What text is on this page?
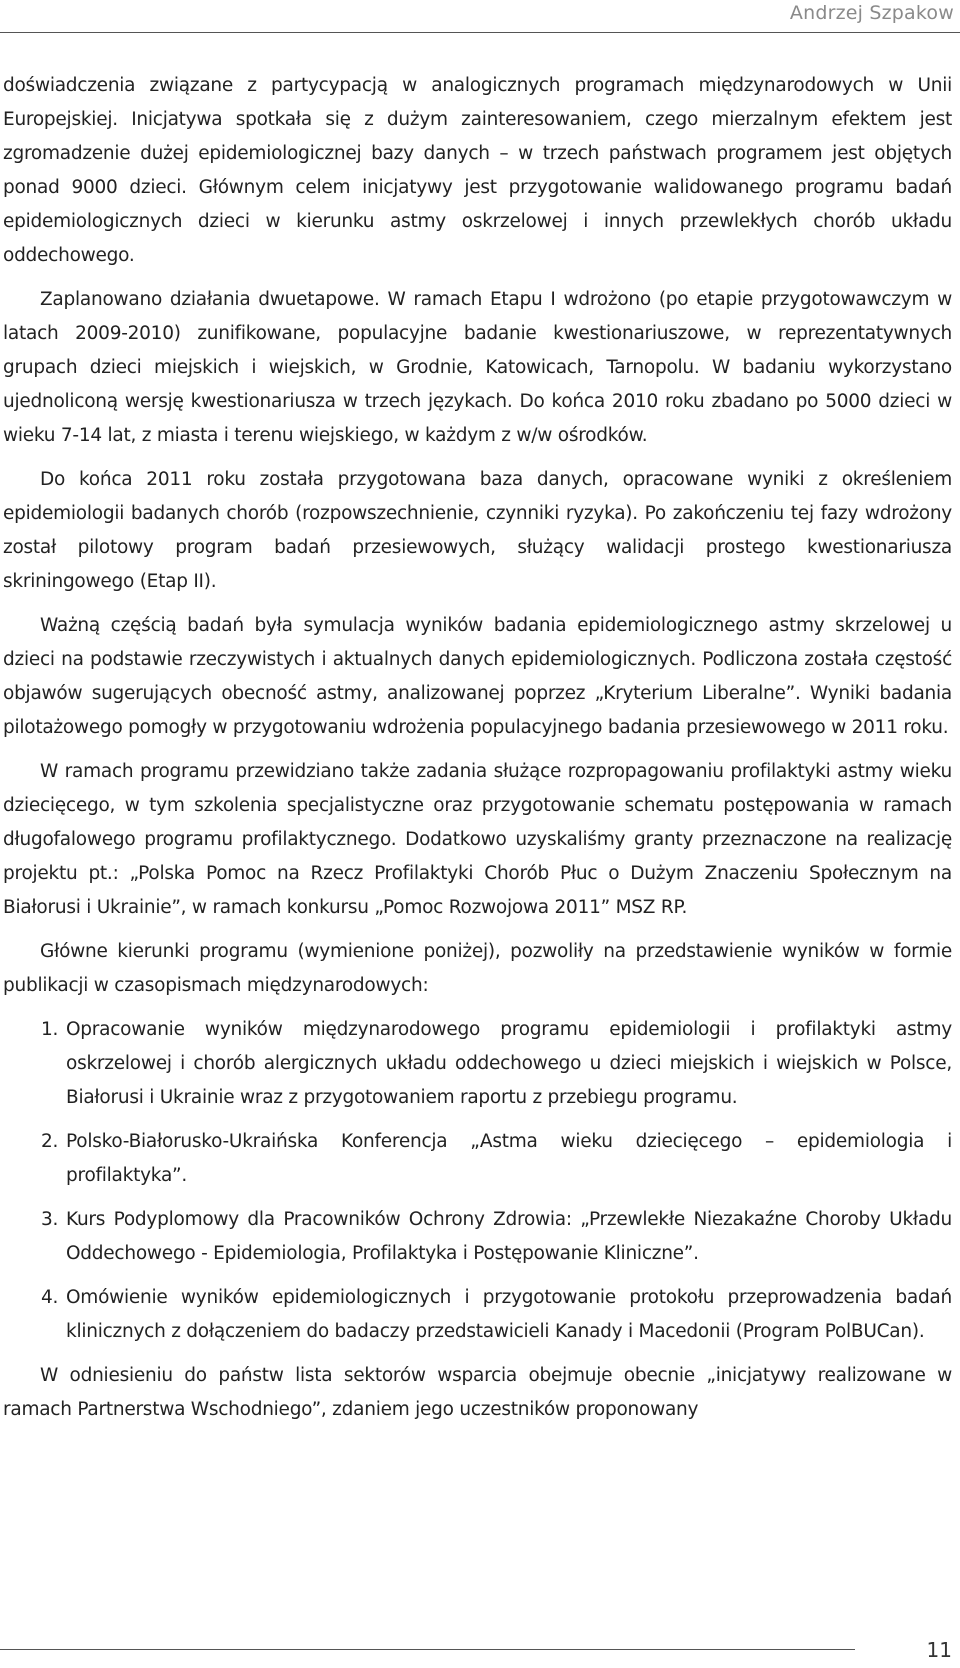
Andrzej Szpakow

doświadczenia związane z partycypacją w analogicznych programach międzynarodowych w Unii Europejskiej. Inicjatywa spotkała się z dużym zainteresowaniem, czego mierzalnym efektem jest zgromadzenie dużej epidemiologicznej bazy danych – w trzech państwach programem jest objętych ponad 9000 dzieci. Głównym celem inicjatywy jest przygotowanie walidowanego programu badań epidemiologicznych dzieci w kierunku astmy oskrzelowej i innych przewlekłych chorób układu oddechowego.

Zaplanowano działania dwuetapowe. W ramach Etapu I wdrożono (po etapie przygotowawczym w latach 2009-2010) zunifikowane, populacyjne badanie kwestionariuszowe, w reprezentatywnych grupach dzieci miejskich i wiejskich, w Grodnie, Katowicach, Tarnopolu. W badaniu wykorzystano ujednoliconą wersję kwestionariusza w trzech językach. Do końca 2010 roku zbadano po 5000 dzieci w wieku 7-14 lat, z miasta i terenu wiejskiego, w każdym z w/w ośrodków.

Do końca 2011 roku została przygotowana baza danych, opracowane wyniki z określeniem epidemiologii badanych chorób (rozpowszechnienie, czynniki ryzyka). Po zakończeniu tej fazy wdrożony został pilotowy program badań przesiewowych, służący walidacji prostego kwestionariusza skriningowego (Etap II).

Ważną częścią badań była symulacja wyników badania epidemiologicznego astmy skrzelowej u dzieci na podstawie rzeczywistych i aktualnych danych epidemiologicznych. Podliczona została częstość objawów sugerujących obecność astmy, analizowanej poprzez „Kryterium Liberalne”. Wyniki badania pilotażowego pomogły w przygotowaniu wdrożenia populacyjnego badania przesiewowego w 2011 roku.

W ramach programu przewidziano także zadania służące rozpropagowaniu profilaktyki astmy wieku dziecięcego, w tym szkolenia specjalistyczne oraz przygotowanie schematu postępowania w ramach długofalowego programu profilaktycznego. Dodatkowo uzyskaliśmy granty przeznaczone na realizację projektu pt.: „Polska Pomoc na Rzecz Profilaktyki Chorób Płuc o Dużym Znaczeniu Społecznym na Białorusi i Ukrainie”, w ramach konkursu „Pomoc Rozwojowa 2011” MSZ RP.

Główne kierunki programu (wymienione poniżej), pozwoliły na przedstawienie wyników w formie publikacji w czasopismach międzynarodowych:

1. Opracowanie wyników międzynarodowego programu epidemiologii i profilaktyki astmy oskrzelowej i chorób alergicznych układu oddechowego u dzieci miejskich i wiejskich w Polsce, Białorusi i Ukrainie wraz z przygotowaniem raportu z przebiegu programu.
2. Polsko-Białorusko-Ukraińska Konferencja „Astma wieku dziecięcego – epidemiologia i profilaktyka”.
3. Kurs Podyplomowy dla Pracowników Ochrony Zdrowia: „Przewlekłe Niezakaźne Choroby Układu Oddechowego - Epidemiologia, Profilaktyka i Postępowanie Kliniczne”.
4. Omówienie wyników epidemiologicznych i przygotowanie protokołu przeprowadzenia badań klinicznych z dołączeniem do badaczy przedstawicieli Kanady i Macedonii (Program PolBUCan).

W odniesieniu do państw lista sektorów wsparcia obejmuje obecnie „inicjatywy realizowane w ramach Partnerstwa Wschodniego”, zdaniem jego uczestników proponowany

11
